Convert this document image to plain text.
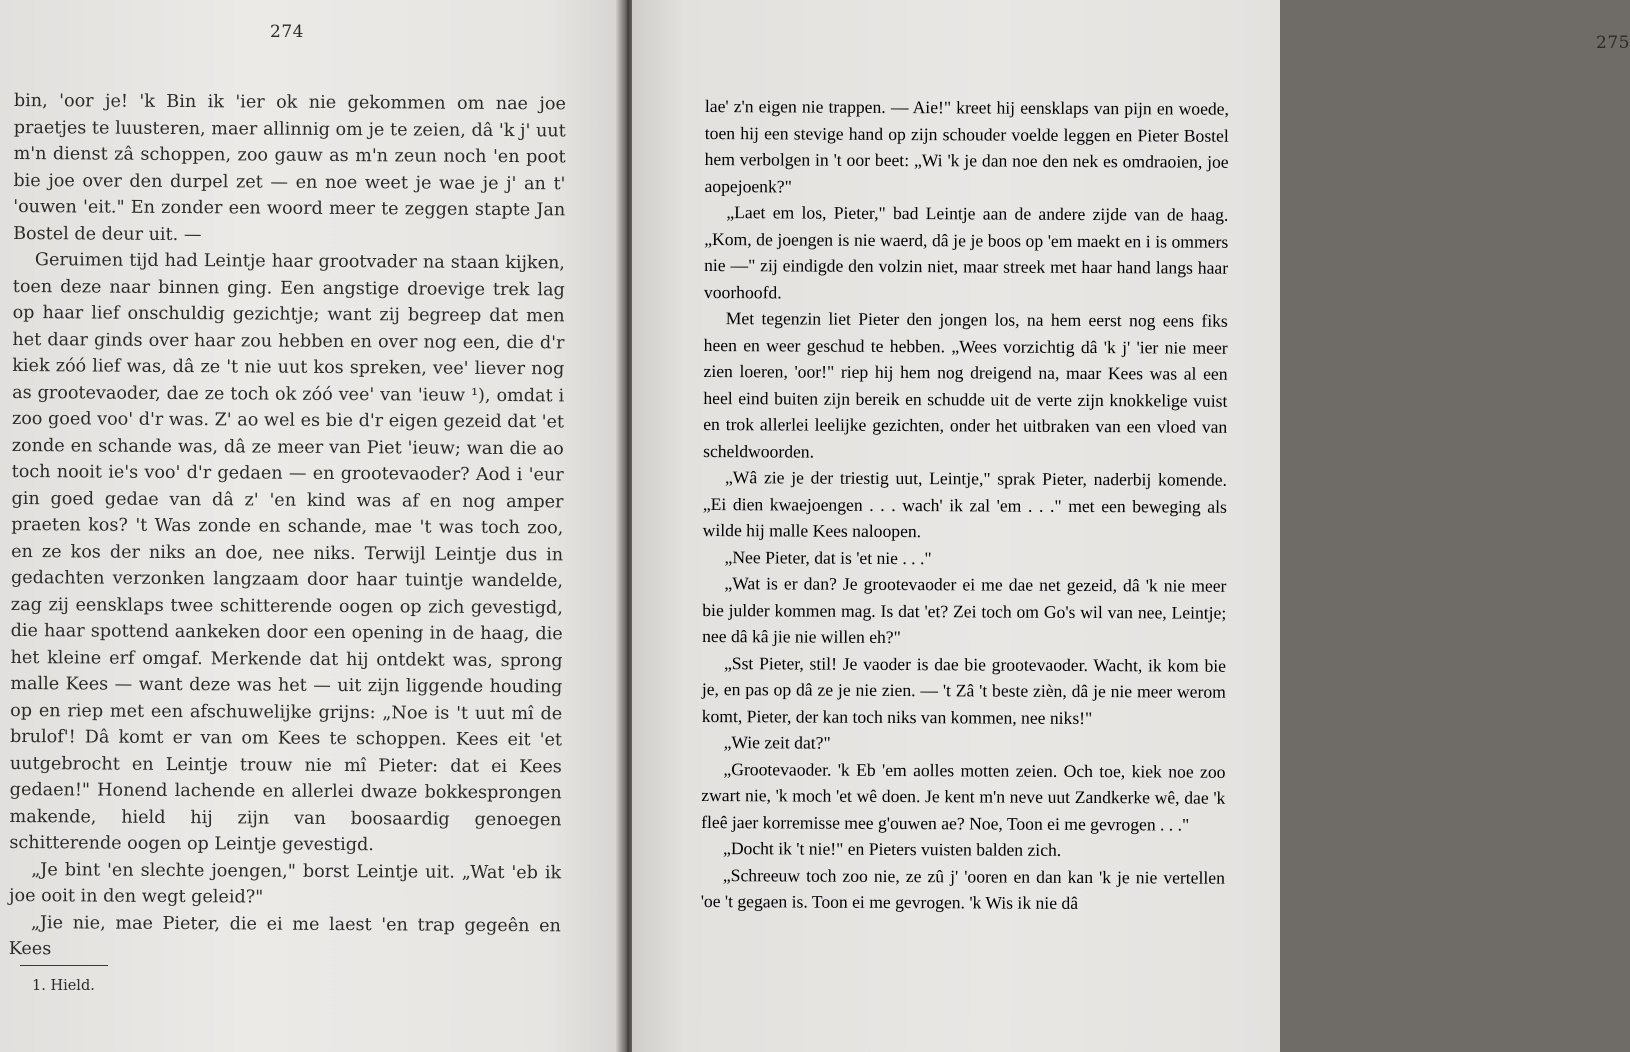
274

bin, 'oor je! 'k Bin ik 'ier ok nie gekommen om nae joe praetjes te luusteren, maer allinnig om je te zeien, dâ 'k j' uut m'n dienst zâ schoppen, zoo gauw as m'n zeun noch 'en poot bie joe over den durpel zet — en noe weet je wae je j' an t' 'ouwen 'eit." En zonder een woord meer te zeggen stapte Jan Bostel de deur uit. —

Geruimen tijd had Leintje haar grootvader na staan kijken, toen deze naar binnen ging. Een angstige droevige trek lag op haar lief onschuldig gezichtje; want zij begreep dat men het daar ginds over haar zou hebben en over nog een, die d'r kiek zóó lief was, dâ ze 't nie uut kos spreken, vee' liever nog as grootevaoder, dae ze toch ok zóó vee' van 'ieuw ¹), omdat i zoo goed voo' d'r was. Z' ao wel es bie d'r eigen gezeid dat 'et zonde en schande was, dâ ze meer van Piet 'ieuw; wan die ao toch nooit ie's voo' d'r gedaen — en grootevaoder? Aod i 'eur gin goed gedae van dâ z' 'en kind was af en nog amper praeten kos? 't Was zonde en schande, mae 't was toch zoo, en ze kos der niks an doe, nee niks. Terwijl Leintje dus in gedachten verzonken langzaam door haar tuintje wandelde, zag zij eensklaps twee schitterende oogen op zich gevestigd, die haar spottend aankeken door een opening in de haag, die het kleine erf omgaf. Merkende dat hij ontdekt was, sprong malle Kees — want deze was het — uit zijn liggende houding op en riep met een afschuwelijke grijns: „Noe is 't uut mî de brulof'! Dâ komt er van om Kees te schoppen. Kees eit 'et uutgebrocht en Leintje trouw nie mî Pieter: dat ei Kees gedaen!" Honend lachende en allerlei dwaze bokkesprongen makende, hield hij zijn van boosaardig genoegen schitterende oogen op Leintje gevestigd.

„Je bint 'en slechte joengen," borst Leintje uit. „Wat 'eb ik joe ooit in den wegt geleid?"

„Jie nie, mae Pieter, die ei me laest 'en trap gegeên en Kees

1. Hield.
275

lae' z'n eigen nie trappen. — Aie!" kreet hij eensklaps van pijn en woede, toen hij een stevige hand op zijn schouder voelde leggen en Pieter Bostel hem verbolgen in 't oor beet: „Wi 'k je dan noe den nek es omdraoien, joe aopejoenk?"

„Laet em los, Pieter," bad Leintje aan de andere zijde van de haag. „Kom, de joengen is nie waerd, dâ je je boos op 'em maekt en i is ommers nie —" zij eindigde den volzin niet, maar streek met haar hand langs haar voorhoofd.

Met tegenzin liet Pieter den jongen los, na hem eerst nog eens fiks heen en weer geschud te hebben. „Wees vorzichtig dâ 'k j' 'ier nie meer zien loeren, 'oor!" riep hij hem nog dreigend na, maar Kees was al een heel eind buiten zijn bereik en schudde uit de verte zijn knokkelige vuist en trok allerlei leelijke gezichten, onder het uitbraken van een vloed van scheldwoorden.

„Wâ zie je der triestig uut, Leintje," sprak Pieter, naderbij komende. „Ei dien kwaejoengen . . . wach' ik zal 'em . . ." met een beweging als wilde hij malle Kees naloopen.

„Nee Pieter, dat is 'et nie . . ."

„Wat is er dan? Je grootevaoder ei me dae net gezeid, dâ 'k nie meer bie julder kommen mag. Is dat 'et? Zei toch om Go's wil van nee, Leintje; nee dâ kâ jie nie willen eh?"

„Sst Pieter, stil! Je vaoder is dae bie grootevaoder. Wacht, ik kom bie je, en pas op dâ ze je nie zien. — 't Zâ 't beste zièn, dâ je nie meer werom komt, Pieter, der kan toch niks van kommen, nee niks!"

„Wie zeit dat?"

„Grootevaoder. 'k Eb 'em aolles motten zeien. Och toe, kiek noe zoo zwart nie, 'k moch 'et wê doen. Je kent m'n neve uut Zandkerke wê, dae 'k fleê jaer korremisse mee g'ouwen ae? Noe, Toon ei me gevrogen . . ."

„Docht ik 't nie!" en Pieters vuisten balden zich.

„Schreeuw toch zoo nie, ze zû j' 'ooren en dan kan 'k je nie vertellen 'oe 't gegaen is. Toon ei me gevrogen. 'k Wis ik nie dâ
